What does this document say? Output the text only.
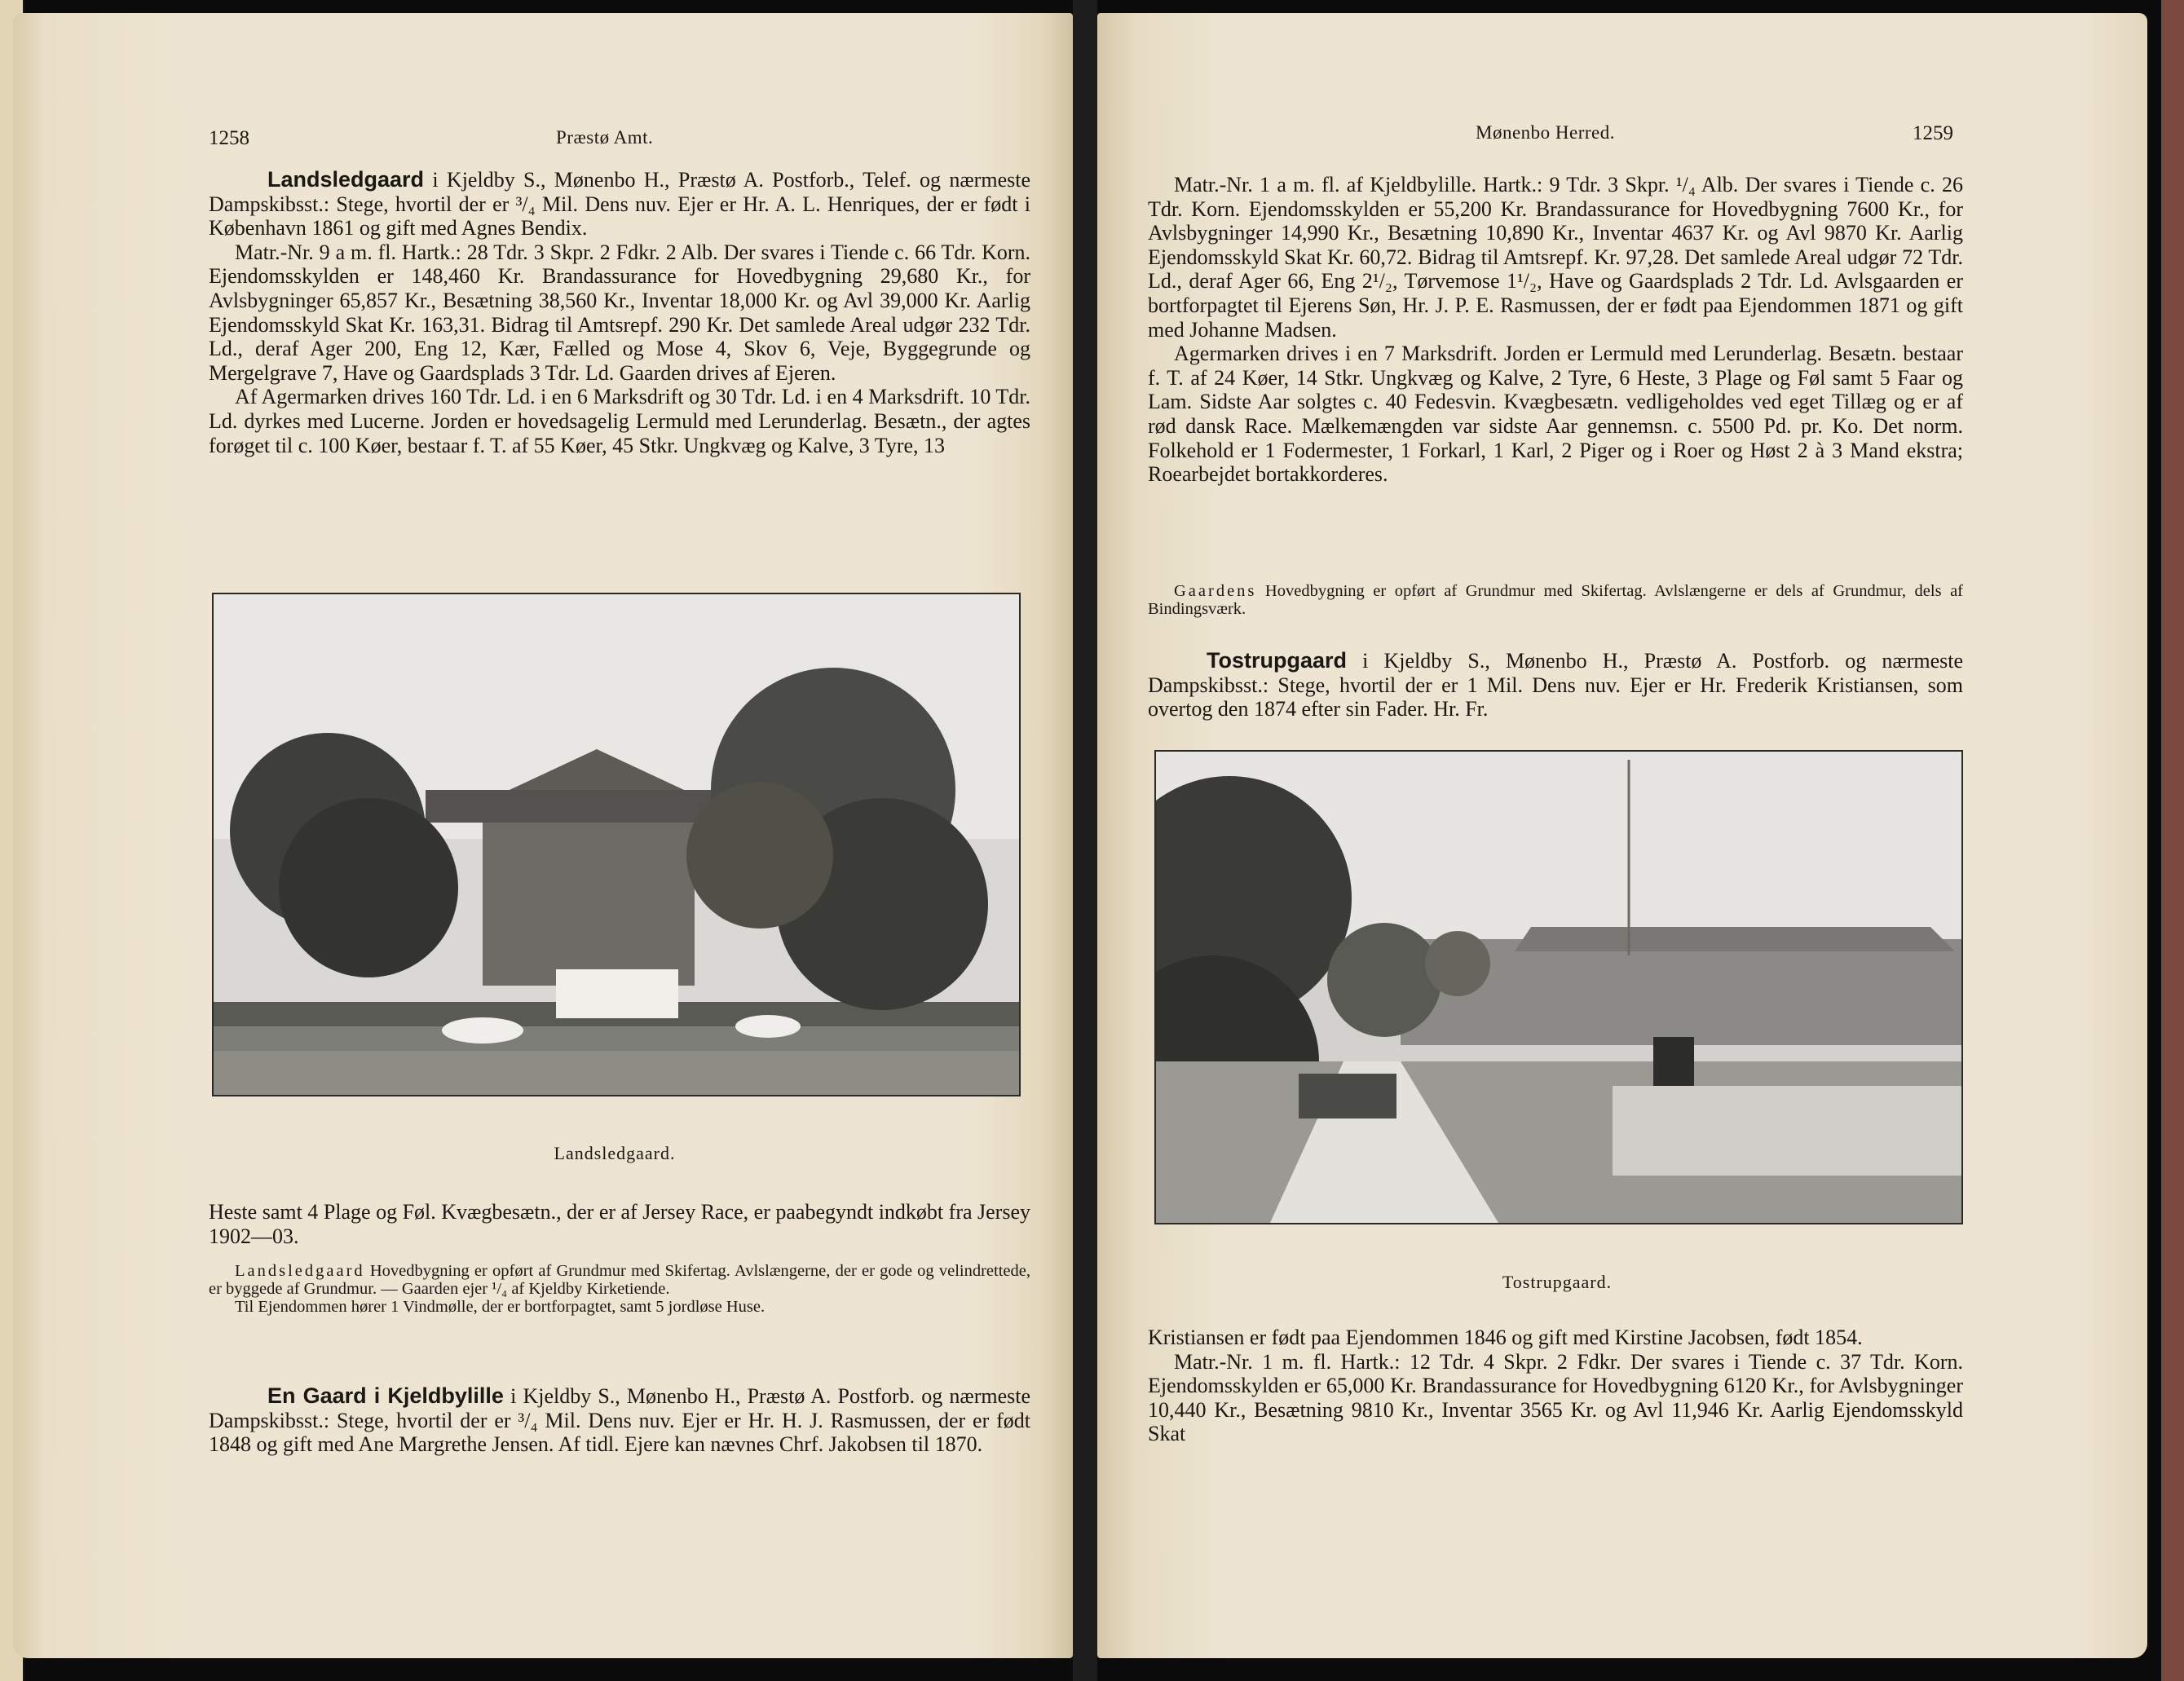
1258	Præstø Amt.

Landsledgaard i Kjeldby S., Mønenbo H., Præstø A. Postforb., Telef. og nærmeste Dampskibsst.: Stege, hvortil der er ³/₄ Mil. Dens nuv. Ejer er Hr. A. L. Henriques, der er født i København 1861 og gift med Agnes Bendix.

Matr.-Nr. 9 a m. fl. Hartk.: 28 Tdr. 3 Skpr. 2 Fdkr. 2 Alb. Der svares i Tiende c. 66 Tdr. Korn. Ejendomsskylden er 148,460 Kr. Brandassurance for Hovedbygning 29,680 Kr., for Avlsbygninger 65,857 Kr., Besætning 38,560 Kr., Inventar 18,000 Kr. og Avl 39,000 Kr. Aarlig Ejendomsskyld Skat Kr. 163,31. Bidrag til Amtsrepf. 290 Kr. Det samlede Areal udgør 232 Tdr. Ld., deraf Ager 200, Eng 12, Kær, Fælled og Mose 4, Skov 6, Veje, Byggegrunde og Mergelgrave 7, Have og Gaardsplads 3 Tdr. Ld. Gaarden drives af Ejeren.

Af Agermarken drives 160 Tdr. Ld. i en 6 Marksdrift og 30 Tdr. Ld. i en 4 Marksdrift. 10 Tdr. Ld. dyrkes med Lucerne. Jorden er hovedsagelig Lermuld med Lerunderlag. Besætn., der agtes forøget til c. 100 Køer, bestaar f. T. af 55 Køer, 45 Stkr. Ungkvæg og Kalve, 3 Tyre, 13

Landsledgaard.

Heste samt 4 Plage og Føl. Kvægbesætn., der er af Jersey Race, er paabegyndt indkøbt fra Jersey 1902—03.

Landsledgaard Hovedbygning er opført af Grundmur med Skifertag. Avlslængerne, der er gode og velindrettede, er byggede af Grundmur. — Gaarden ejer ¹/₄ af Kjeldby Kirketiende.

Til Ejendommen hører 1 Vindmølle, der er bortforpagtet, samt 5 jordløse Huse.

En Gaard i Kjeldbylille i Kjeldby S., Mønenbo H., Præstø A. Postforb. og nærmeste Dampskibsst.: Stege, hvortil der er ³/₄ Mil. Dens nuv. Ejer er Hr. H. J. Rasmussen, der er født 1848 og gift med Ane Margrethe Jensen. Af tidl. Ejere kan nævnes Chrf. Jakobsen til 1870.

Mønenbo Herred.	1259

Matr.-Nr. 1 a m. fl. af Kjeldbylille. Hartk.: 9 Tdr. 3 Skpr. ¹/₄ Alb. Der svares i Tiende c. 26 Tdr. Korn. Ejendomsskylden er 55,200 Kr. Brandassurance for Hovedbygning 7600 Kr., for Avlsbygninger 14,990 Kr., Besætning 10,890 Kr., Inventar 4637 Kr. og Avl 9870 Kr. Aarlig Ejendomsskyld Skat Kr. 60,72. Bidrag til Amtsrepf. Kr. 97,28. Det samlede Areal udgør 72 Tdr. Ld., deraf Ager 66, Eng 2¹/₂, Tørvemose 1¹/₂, Have og Gaardsplads 2 Tdr. Ld. Avlsgaarden er bortforpagtet til Ejerens Søn, Hr. J. P. E. Rasmussen, der er født paa Ejendommen 1871 og gift med Johanne Madsen.

Agermarken drives i en 7 Marksdrift. Jorden er Lermuld med Lerunderlag. Besætn. bestaar f. T. af 24 Køer, 14 Stkr. Ungkvæg og Kalve, 2 Tyre, 6 Heste, 3 Plage og Føl samt 5 Faar og Lam. Sidste Aar solgtes c. 40 Fedesvin. Kvægbesætn. vedligeholdes ved eget Tillæg og er af rød dansk Race. Mælkemængden var sidste Aar gennemsn. c. 5500 Pd. pr. Ko. Det norm. Folkehold er 1 Fodermester, 1 Forkarl, 1 Karl, 2 Piger og i Roer og Høst 2 à 3 Mand ekstra; Roearbejdet bortakkorderes.

Gaardens Hovedbygning er opført af Grundmur med Skifertag. Avlslængerne er dels af Grundmur, dels af Bindingsværk.

Tostrupgaard i Kjeldby S., Mønenbo H., Præstø A. Postforb. og nærmeste Dampskibsst.: Stege, hvortil der er 1 Mil. Dens nuv. Ejer er Hr. Frederik Kristiansen, som overtog den 1874 efter sin Fader. Hr. Fr.

Tostrupgaard.

Kristiansen er født paa Ejendommen 1846 og gift med Kirstine Jacobsen, født 1854.

Matr.-Nr. 1 m. fl. Hartk.: 12 Tdr. 4 Skpr. 2 Fdkr. Der svares i Tiende c. 37 Tdr. Korn. Ejendomsskylden er 65,000 Kr. Brandassurance for Hovedbygning 6120 Kr., for Avlsbygninger 10,440 Kr., Besætning 9810 Kr., Inventar 3565 Kr. og Avl 11,946 Kr. Aarlig Ejendomsskyld Skat
